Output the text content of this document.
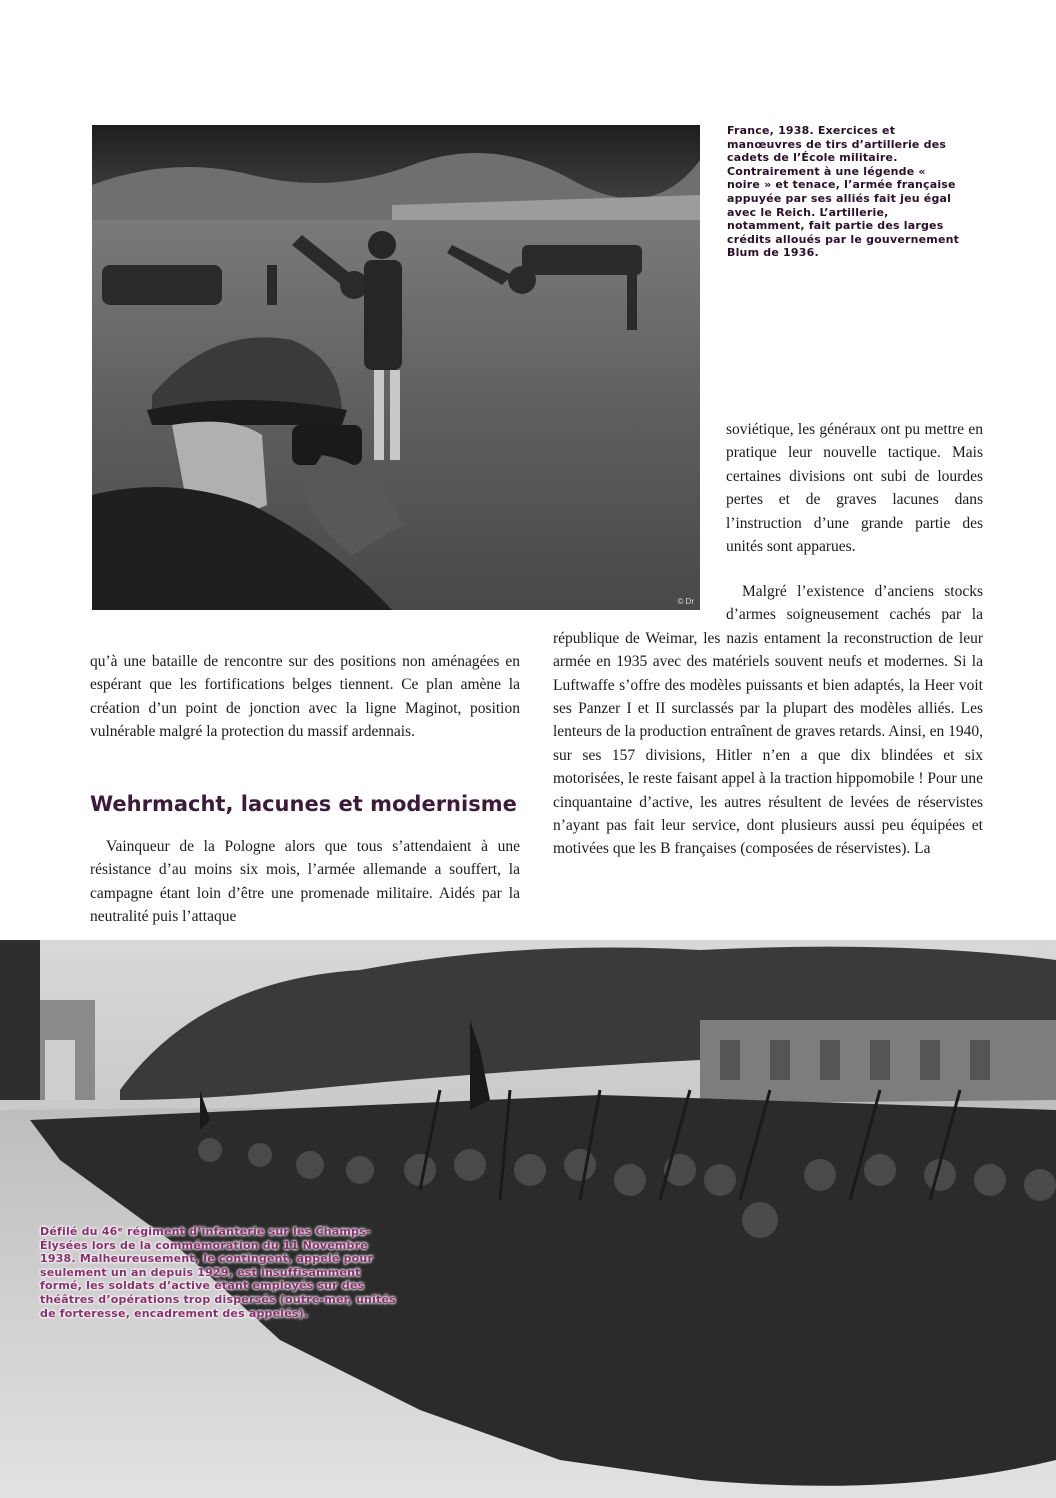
© Dr
France, 1938. Exercices et manœuvres de tirs d’artillerie des cadets de l’École militaire. Contrairement à une légende « noire » et tenace, l’armée française appuyée par ses alliés fait jeu égal avec le Reich. L’artillerie, notamment, fait partie des larges crédits alloués par le gouvernement Blum de 1936.

soviétique, les généraux ont pu mettre en pratique leur nouvelle tactique. Mais certaines divisions ont subi de lourdes pertes et de graves lacunes dans l’instruction d’une grande partie des unités sont apparues.

Malgré l’existence d’anciens stocks d’armes soigneusement cachés par la république de Weimar, les nazis entament la reconstruction de leur armée en 1935 avec des matériels souvent neufs et modernes. Si la Luftwaffe s’offre des modèles puissants et bien adaptés, la Heer voit ses Panzer I et II surclassés par la plupart des modèles alliés. Les lenteurs de la production entraînent de graves retards. Ainsi, en 1940, sur ses 157 divisions, Hitler n’en a que dix blindées et six motorisées, le reste faisant appel à la traction hippomobile ! Pour une cinquantaine d’active, les autres résultent de levées de réservistes n’ayant pas fait leur service, dont plusieurs aussi peu équipées et motivées que les B françaises (composées de réservistes). La

qu’à une bataille de rencontre sur des positions non aménagées en espérant que les fortifications belges tiennent. Ce plan amène la création d’un point de jonction avec la ligne Maginot, position vulnérable malgré la protection du massif ardennais.

Wehrmacht, lacunes et modernisme

Vainqueur de la Pologne alors que tous s’attendaient à une résistance d’au moins six mois, l’armée allemande a souffert, la campagne étant loin d’être une promenade militaire. Aidés par la neutralité puis l’attaque

DR
Défilé du 46ᵉ régiment d’infanterie sur les Champs-Élysées lors de la commémoration du 11 Novembre 1938. Malheureusement, le contingent, appelé pour seulement un an depuis 1929, est insuffisamment formé, les soldats d’active étant employés sur des théâtres d’opérations trop dispersés (outre-mer, unités de forteresse, encadrement des appelés).
